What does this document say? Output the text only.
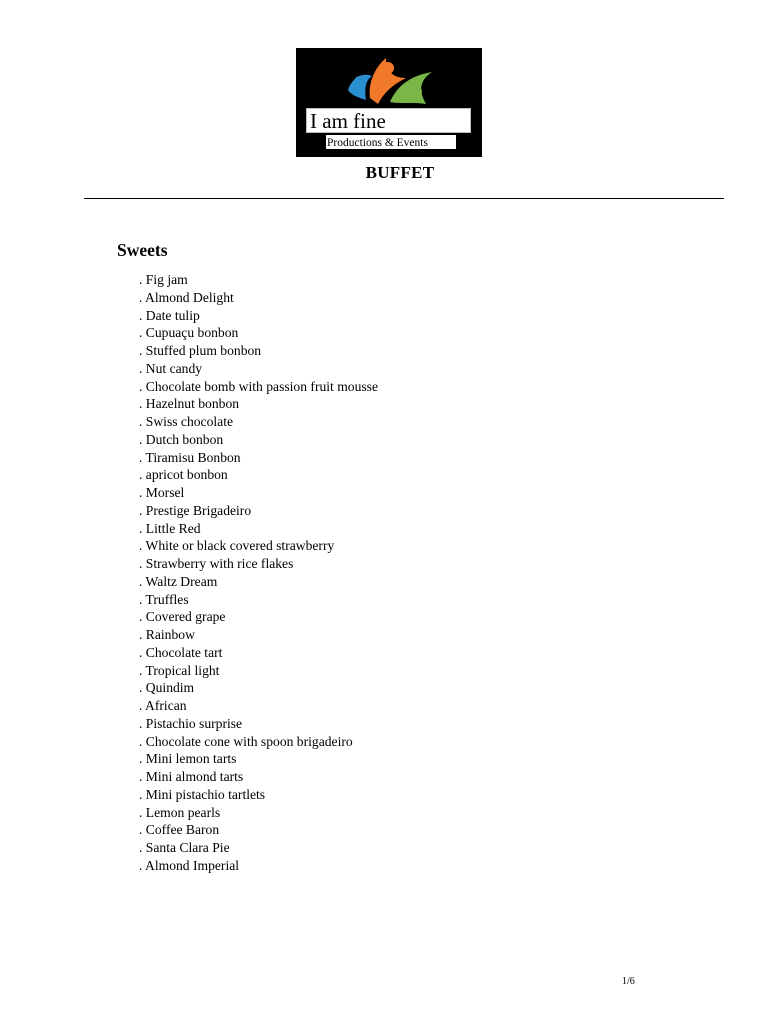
I am fine
Productions & Events
BUFFET
Sweets
. Fig jam
. Almond Delight
. Date tulip
. Cupuaçu bonbon
. Stuffed plum bonbon
. Nut candy
. Chocolate bomb with passion fruit mousse
. Hazelnut bonbon
. Swiss chocolate
. Dutch bonbon
. Tiramisu Bonbon
. apricot bonbon
. Morsel
. Prestige Brigadeiro
. Little Red
. White or black covered strawberry
. Strawberry with rice flakes
. Waltz Dream
. Truffles
. Covered grape
. Rainbow
. Chocolate tart
. Tropical light
. Quindim
. African
. Pistachio surprise
. Chocolate cone with spoon brigadeiro
. Mini lemon tarts
. Mini almond tarts
. Mini pistachio tartlets
. Lemon pearls
. Coffee Baron
. Santa Clara Pie
. Almond Imperial
1/6
